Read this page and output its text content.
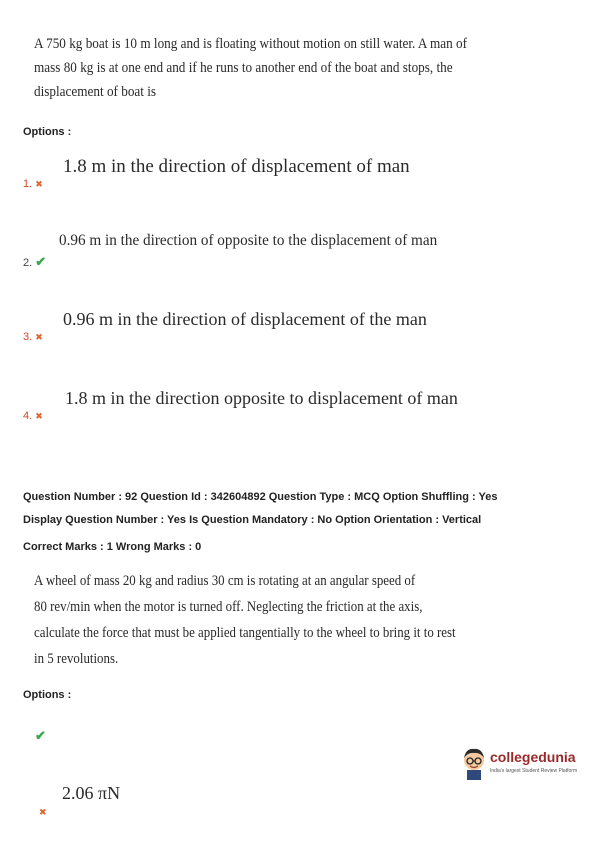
A 750 kg boat is 10 m long and is floating without motion on still water. A man of
mass 80 kg is at one end and if he runs to another end of the boat and stops, the
displacement of boat is
Options :
1.8 m in the direction of displacement of man
1. ✖
0.96 m in the direction of opposite to the displacement of man
2. ✔
0.96 m in the direction of displacement of the man
3. ✖
1.8 m in the direction opposite to displacement of man
4. ✖
Question Number : 92 Question Id : 342604892 Question Type : MCQ Option Shuffling : Yes
Display Question Number : Yes Is Question Mandatory : No Option Orientation : Vertical
Correct Marks : 1 Wrong Marks : 0
A wheel of mass 20 kg and radius 30 cm is rotating at an angular speed of
80 rev/min when the motor is turned off. Neglecting the friction at the axis,
calculate the force that must be applied tangentially to the wheel to bring it to rest
in 5 revolutions.
Options :
✔
collegedunia
India's largest Student Review Platform
2.06 πN
✖
